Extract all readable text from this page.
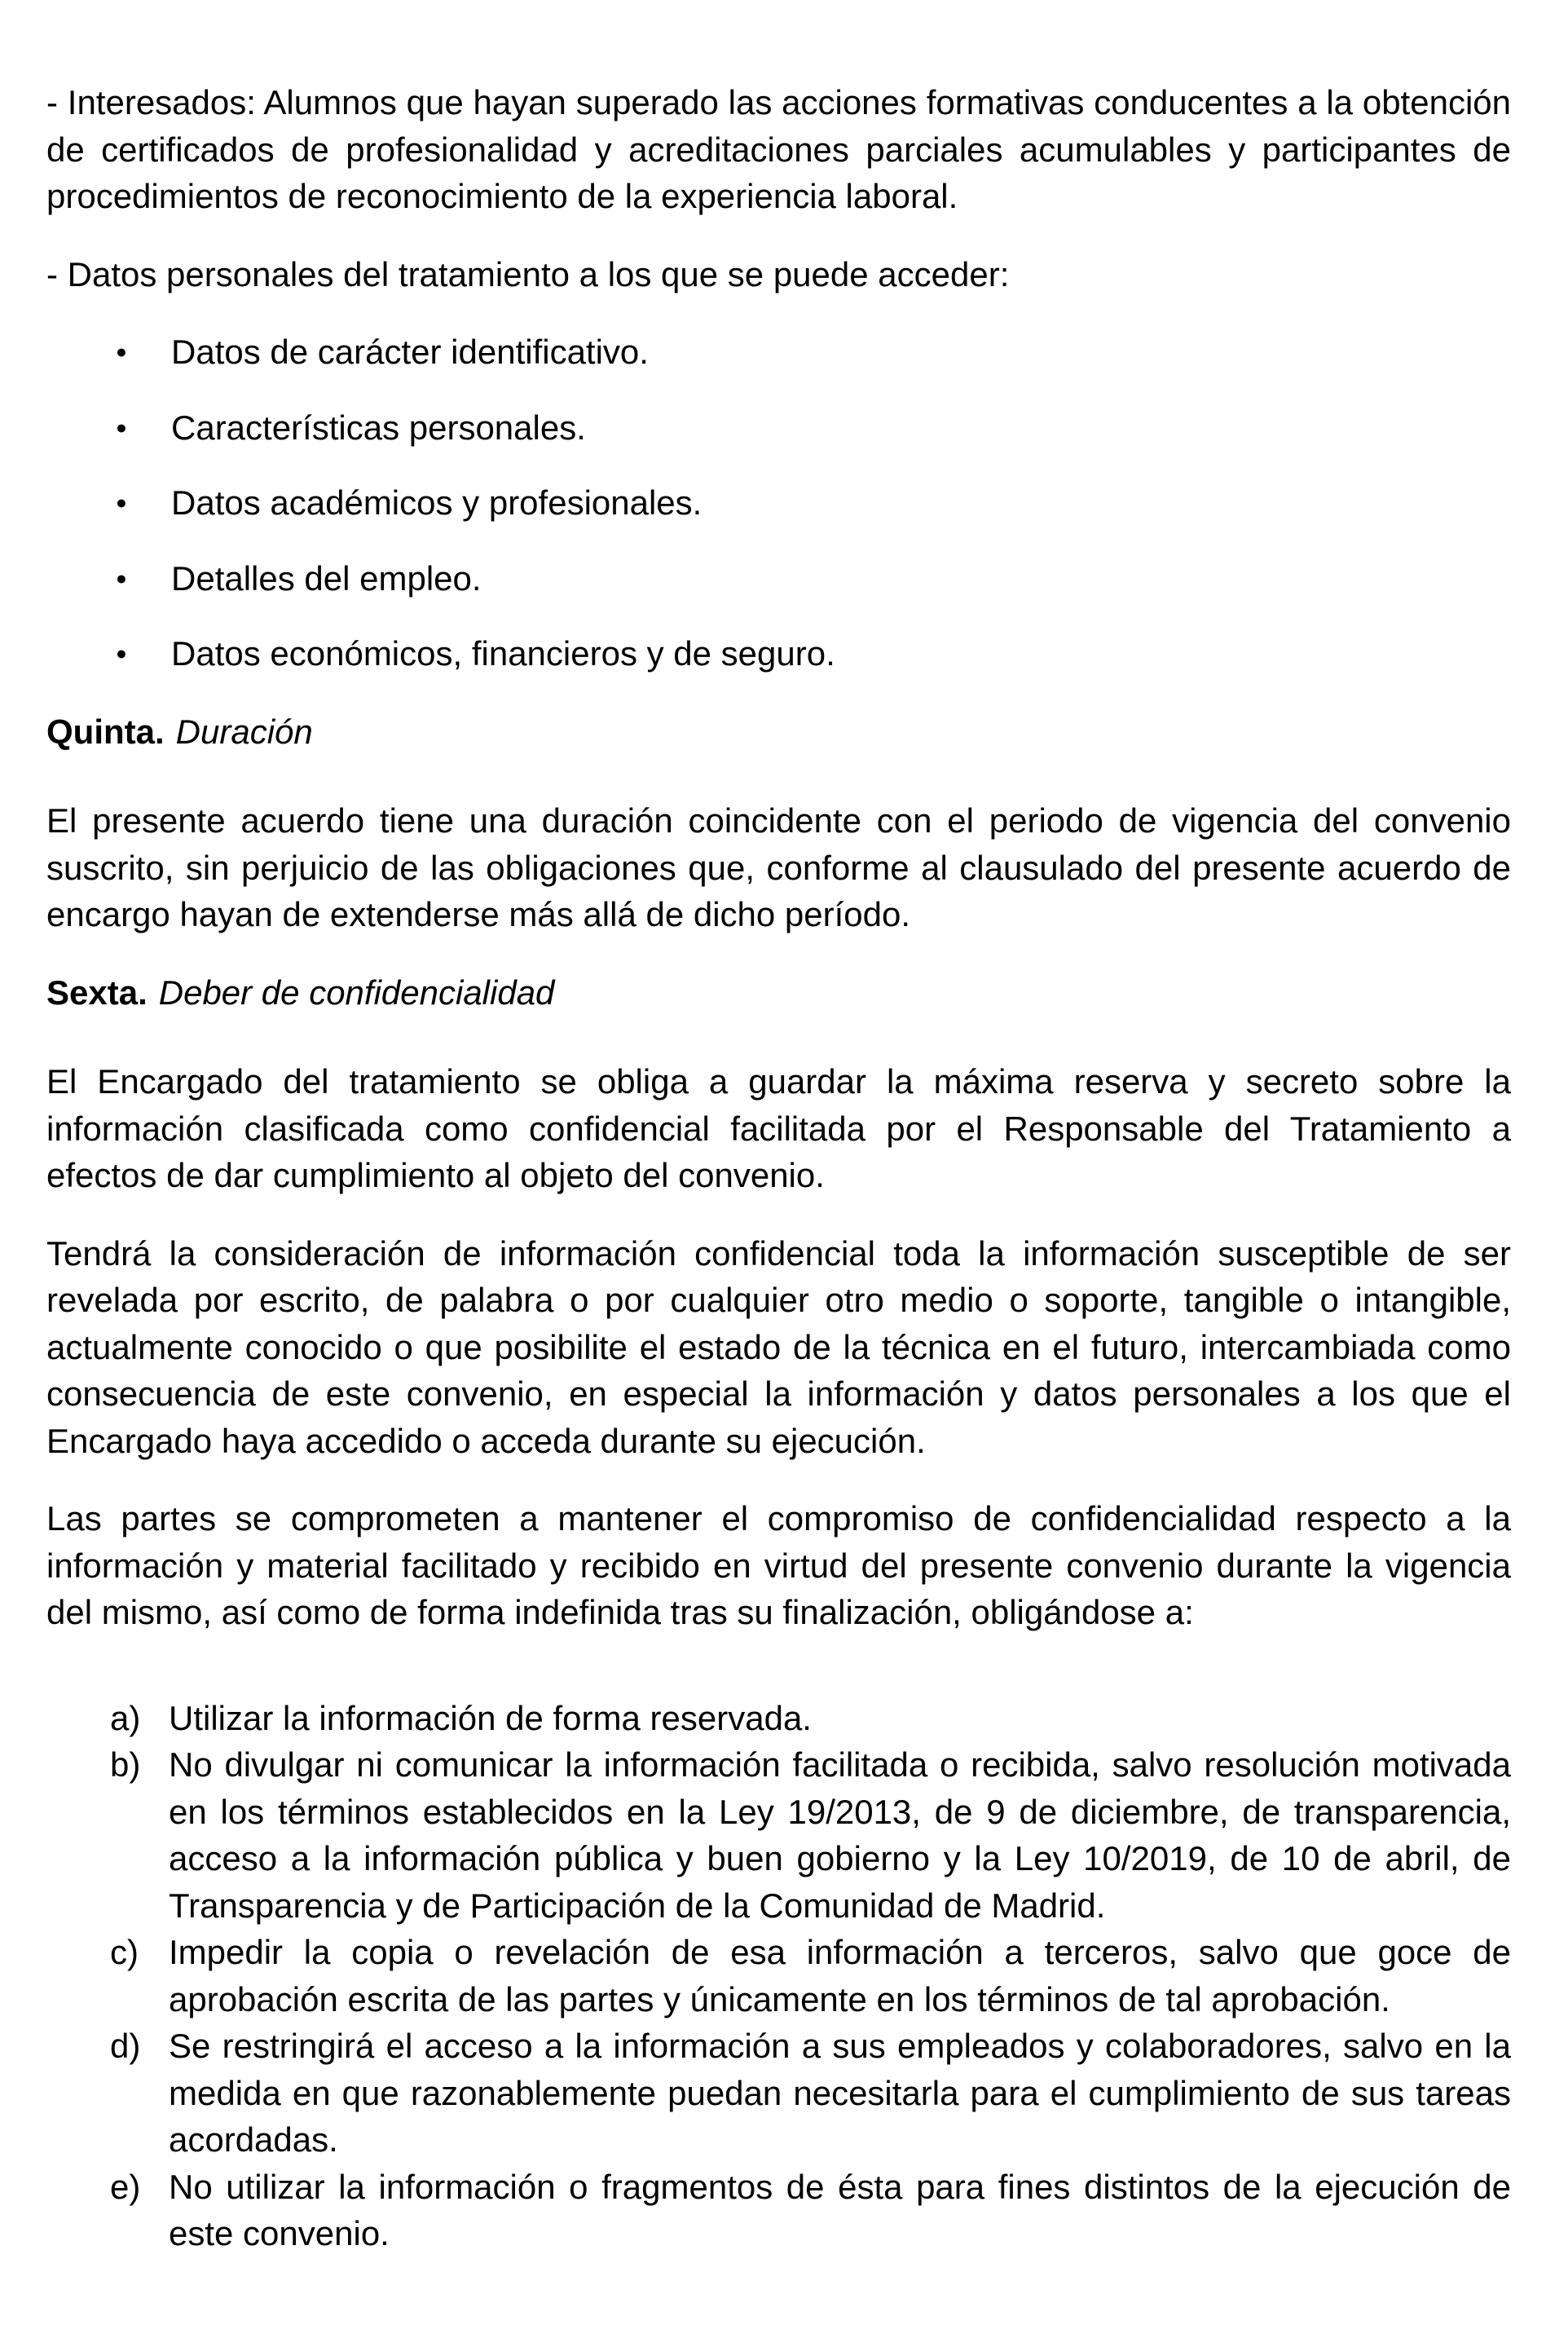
- Interesados: Alumnos que hayan superado las acciones formativas conducentes a la obtención de certificados de profesionalidad y acreditaciones parciales acumulables y participantes de procedimientos de reconocimiento de la experiencia laboral.

- Datos personales del tratamiento a los que se puede acceder:

●	Datos de carácter identificativo.
●	Características personales.
●	Datos académicos y profesionales.
●	Detalles del empleo.
●	Datos económicos, financieros y de seguro.

Quinta. Duración

El presente acuerdo tiene una duración coincidente con el periodo de vigencia del convenio suscrito, sin perjuicio de las obligaciones que, conforme al clausulado del presente acuerdo de encargo hayan de extenderse más allá de dicho período.

Sexta. Deber de confidencialidad

El Encargado del tratamiento se obliga a guardar la máxima reserva y secreto sobre la información clasificada como confidencial facilitada por el Responsable del Tratamiento a efectos de dar cumplimiento al objeto del convenio.

Tendrá la consideración de información confidencial toda la información susceptible de ser revelada por escrito, de palabra o por cualquier otro medio o soporte, tangible o intangible, actualmente conocido o que posibilite el estado de la técnica en el futuro, intercambiada como consecuencia de este convenio, en especial la información y datos personales a los que el Encargado haya accedido o acceda durante su ejecución.

Las partes se comprometen a mantener el compromiso de confidencialidad respecto a la información y material facilitado y recibido en virtud del presente convenio durante la vigencia del mismo, así como de forma indefinida tras su finalización, obligándose a:

a) Utilizar la información de forma reservada.
b) No divulgar ni comunicar la información facilitada o recibida, salvo resolución motivada en los términos establecidos en la Ley 19/2013, de 9 de diciembre, de transparencia, acceso a la información pública y buen gobierno y la Ley 10/2019, de 10 de abril, de Transparencia y de Participación de la Comunidad de Madrid.
c) Impedir la copia o revelación de esa información a terceros, salvo que goce de aprobación escrita de las partes y únicamente en los términos de tal aprobación.
d) Se restringirá el acceso a la información a sus empleados y colaboradores, salvo en la medida en que razonablemente puedan necesitarla para el cumplimiento de sus tareas acordadas.
e) No utilizar la información o fragmentos de ésta para fines distintos de la ejecución de este convenio.
